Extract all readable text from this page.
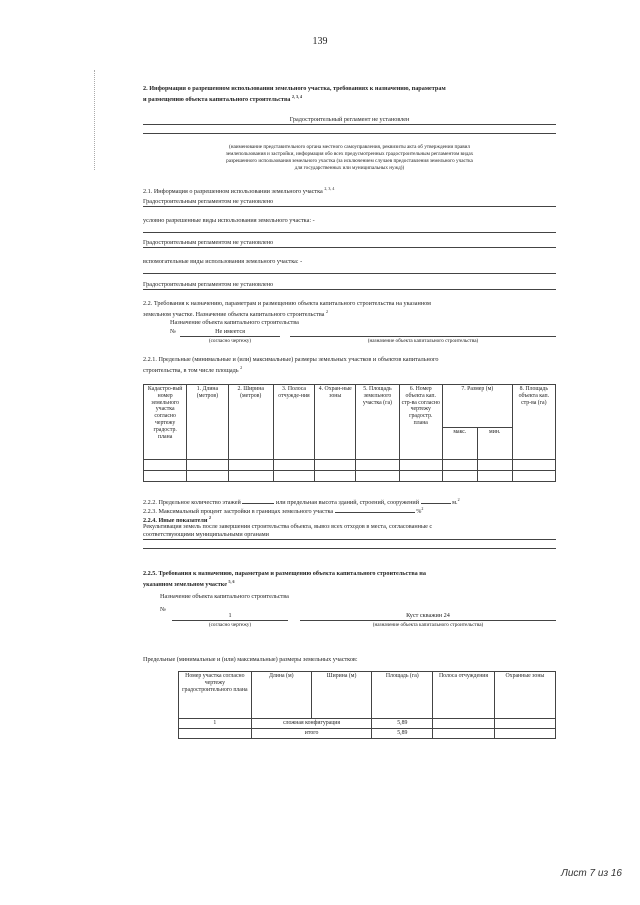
139
2. Информация о разрешенном использовании земельного участка, требованиях к назначению, параметрам
и размещению объекта капитального строительства $^{2, 3, 4}$
Градостроительный регламент не установлен
(наименование представительного органа местного самоуправления, реквизиты акта об утверждении правил
землепользования и застройки, информация обо всех предусмотренных градостроительным регламентом видах
разрешенного использования земельного участка (за исключением случаев предоставления земельного участка
для государственных или муниципальных нужд))
2.1. Информация о разрешенном использовании земельного участка $^{2, 3, 4}$
Градостроительным регламентом не установлено
условно разрешенные виды использования земельного участка: -
Градостроительным регламентом не установлено
вспомогательные виды использования земельного участка: -
Градостроительным регламентом не установлено
2.2. Требования к назначению, параметрам и размещению объекта капитального строительства на указанном
земельном участке. Назначение объекта капитального строительства $^2$
Назначение объекта капитального строительства
№	Не имеется
(согласно чертежу)	(назначение объекта капитального строительства)
2.2.1. Предельные (минимальные и (или) максимальные) размеры земельных участков и объектов капитального
строительства, в том числе площадь $^2$
Кадастро-вый номер земельного участка согласно чертежу градостр. плана	1. Длина (метров)	2. Ширина (метров)	3. Полоса отчужде-ния	4. Охран-ные зоны	5. Площадь земельного участка (га)	6. Номер объекта кап. стр-ва согласно чертежу градостр. плана	7. Размер (м)		8. Площадь объекта кап. стр-ва (га)
							макс.	мин.	

2.2.2. Предельное количество этажей	или предельная высота зданий, строений, сооружений	м.$^2$
2.2.3. Максимальный процент застройки в границах земельного участка	%$^2$
2.2.4. Иные показатели $^2$
Рекультивация земель после завершения строительства объекта, вывоз всех отходов в места, согласованные с
соответствующими муниципальными органами
2.2.5. Требования к назначению, параметрам и размещению объекта капитального строительства на
указанном земельном участке $^{5, 6}$
Назначение объекта капитального строительства
№
1	Куст скважин 24
(согласно чертежу)	(назначение объекта капитального строительства)
Предельные (минимальные и (или) максимальные) размеры земельных участков:
Номер участка согласно чертежу градостроительного плана	Длина (м)	Ширина (м)	Площадь (га)	Полоса отчуждения	Охранные зоны
1	сложная конфигурация		5,89		
	итого		5,89		
Лист 7 из 16
